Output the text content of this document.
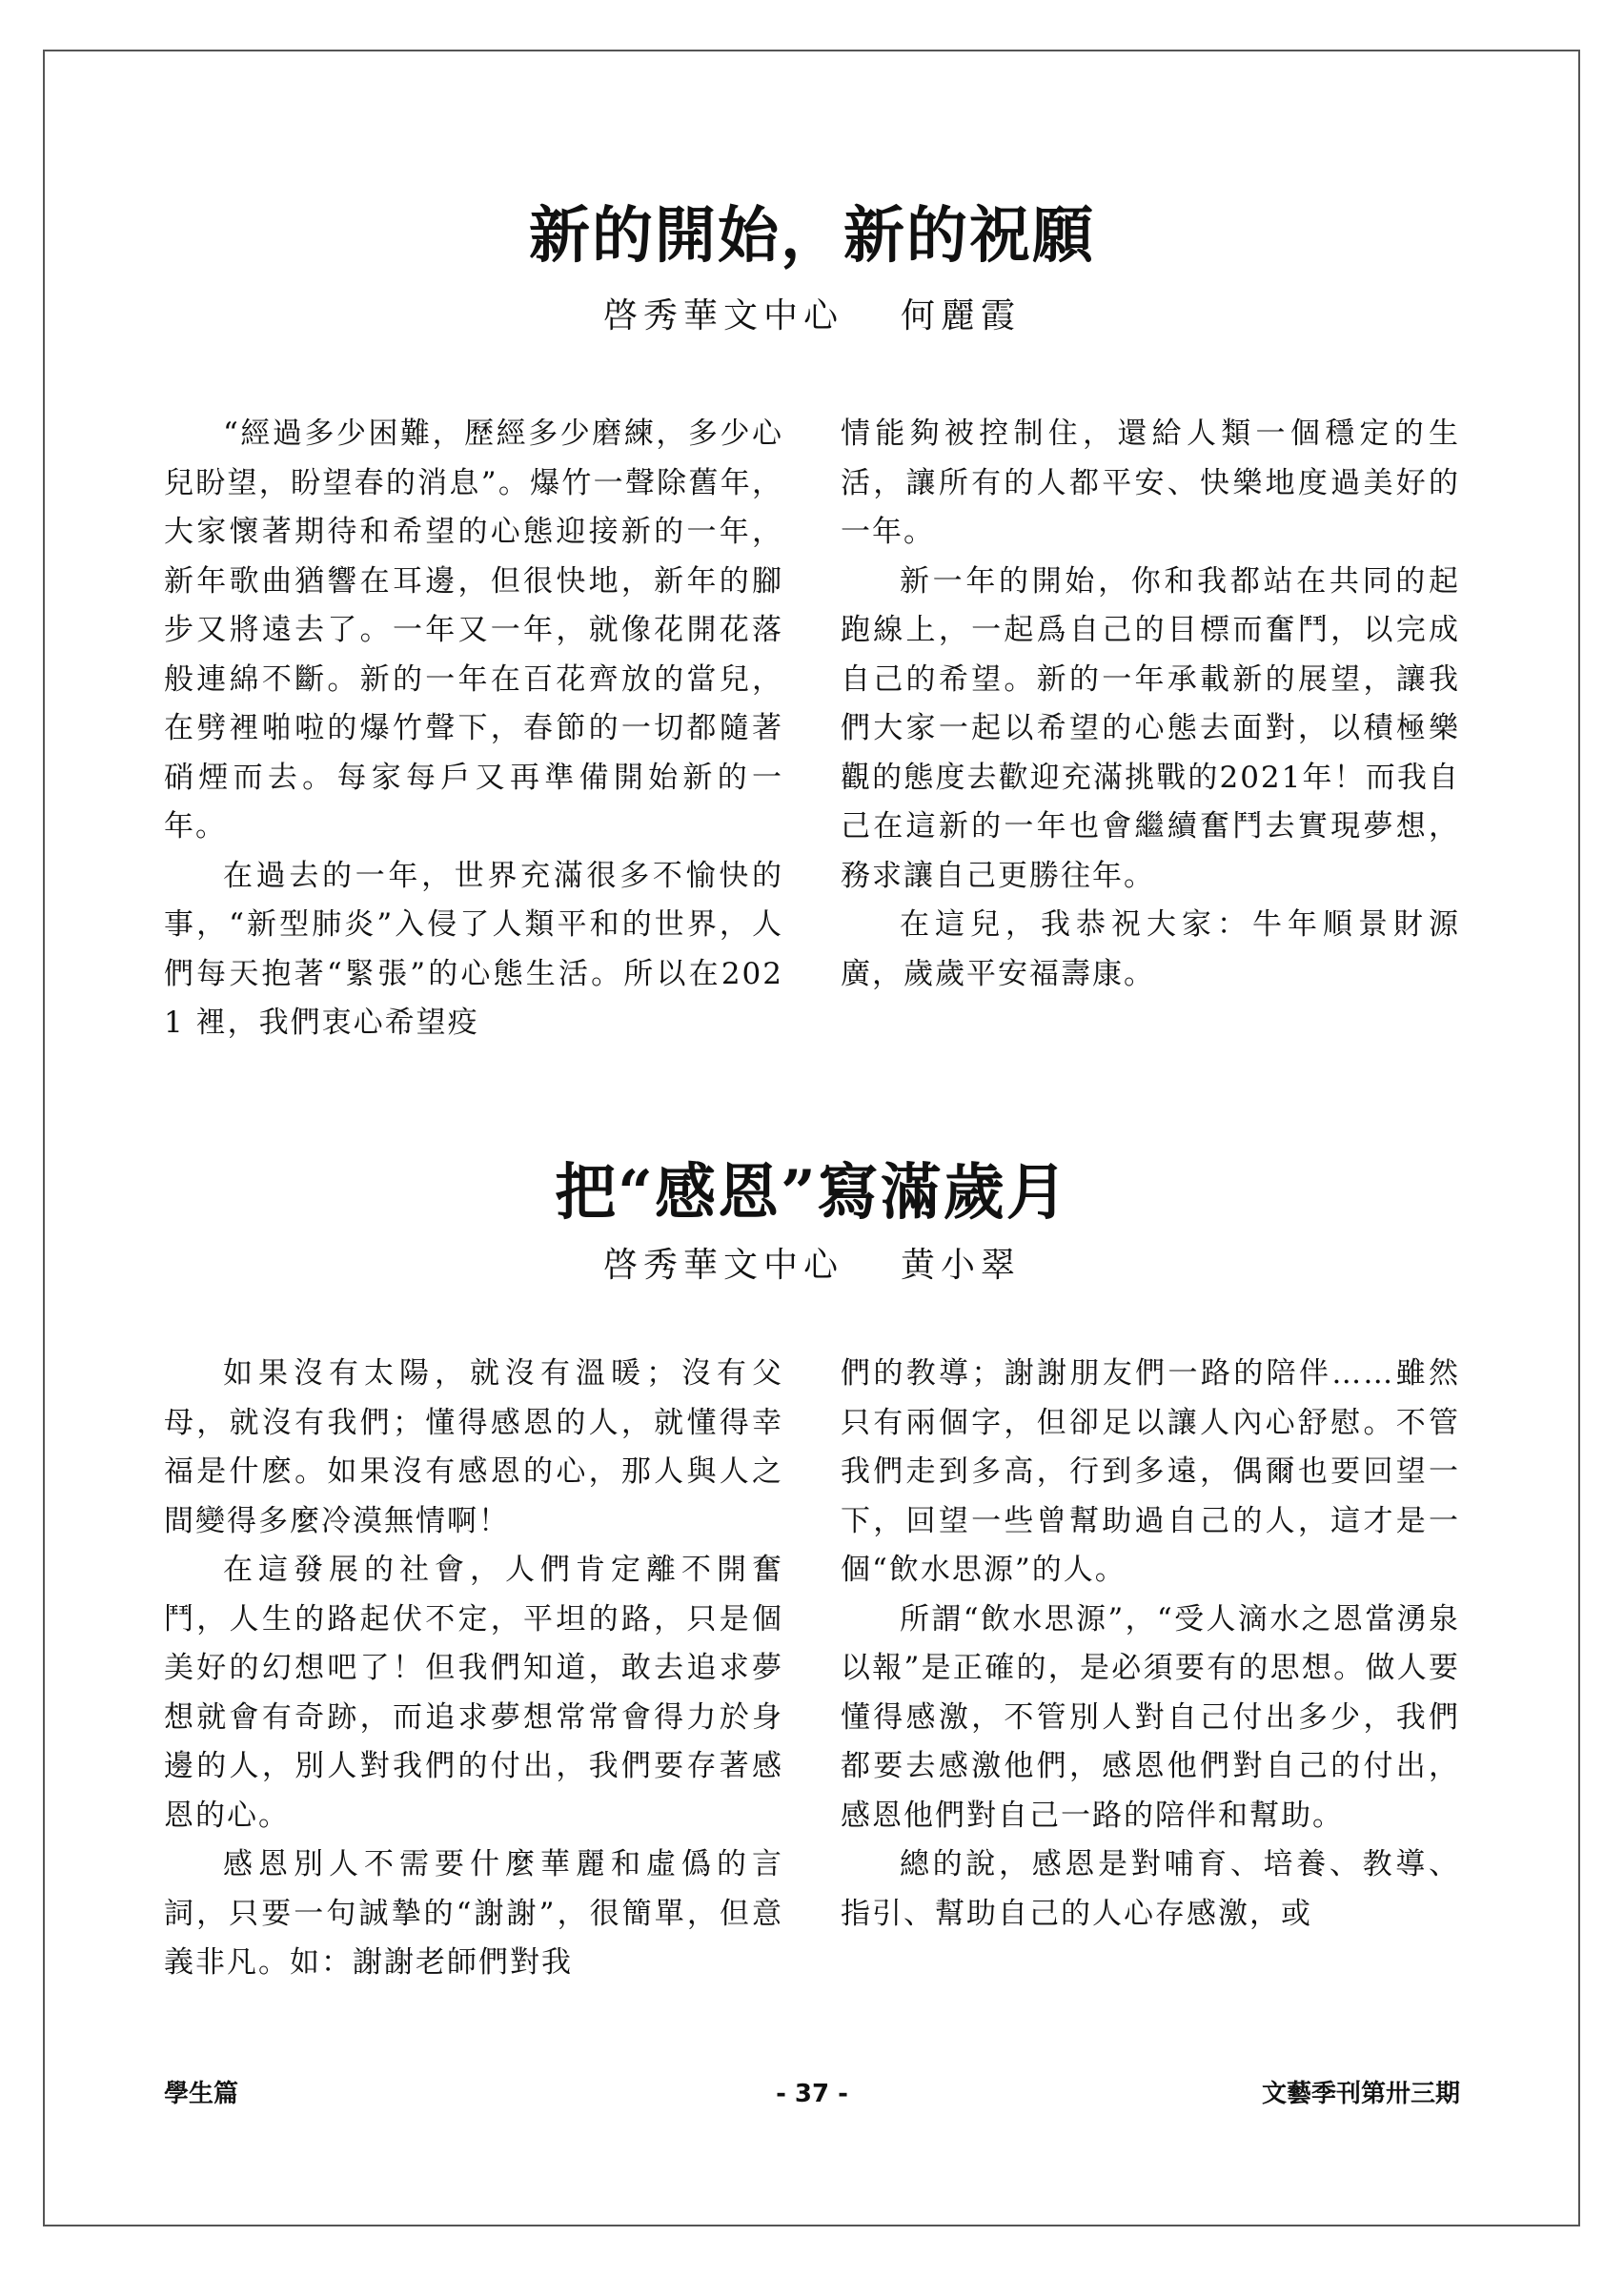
新的開始，新的祝願
啓秀華文中心 何麗霞

“經過多少困難，歷經多少磨練，多少心兒盼望，盼望春的消息”。爆竹一聲除舊年，大家懷著期待和希望的心態迎接新的一年，新年歌曲猶響在耳邊，但很快地，新年的腳步又將遠去了。一年又一年，就像花開花落般連綿不斷。新的一年在百花齊放的當兒，在劈裡啪啦的爆竹聲下，春節的一切都隨著硝煙而去。每家每戶又再準備開始新的一年。

在過去的一年，世界充滿很多不愉快的事，“新型肺炎”入侵了人類平和的世界，人們每天抱著“緊張”的心態生活。所以在2021 裡，我們衷心希望疫

情能夠被控制住，還給人類一個穩定的生活，讓所有的人都平安、快樂地度過美好的一年。

新一年的開始，你和我都站在共同的起跑線上，一起爲自己的目標而奮鬥，以完成自己的希望。新的一年承載新的展望，讓我們大家一起以希望的心態去面對，以積極樂觀的態度去歡迎充滿挑戰的2021年！而我自己在這新的一年也會繼續奮鬥去實現夢想，務求讓自己更勝往年。

在這兒，我恭祝大家：牛年順景財源廣，歲歲平安福壽康。

把“感恩”寫滿歲月
啓秀華文中心 黄小翠

如果沒有太陽，就沒有溫暖；沒有父母，就沒有我們；懂得感恩的人，就懂得幸福是什麽。如果沒有感恩的心，那人與人之間變得多麼冷漠無情啊！

在這發展的社會，人們肯定離不開奮鬥，人生的路起伏不定，平坦的路，只是個美好的幻想吧了！但我們知道，敢去追求夢想就會有奇跡，而追求夢想常常會得力於身邊的人，別人對我們的付出，我們要存著感恩的心。

感恩別人不需要什麼華麗和虛僞的言詞，只要一句誠摯的“謝謝”，很簡單，但意義非凡。如：謝謝老師們對我

們的教導；謝謝朋友們一路的陪伴……雖然只有兩個字，但卻足以讓人內心舒慰。不管我們走到多高，行到多遠，偶爾也要回望一下，回望一些曾幫助過自己的人，這才是一個“飲水思源”的人。

所謂“飲水思源”，“受人滴水之恩當湧泉以報”是正確的，是必須要有的思想。做人要懂得感激，不管別人對自己付出多少，我們都要去感激他們，感恩他們對自己的付出，感恩他們對自己一路的陪伴和幫助。

總的說，感恩是對哺育、培養、教導、指引、幫助自己的人心存感激，或

學生篇	- 37 -	文藝季刊第卅三期
